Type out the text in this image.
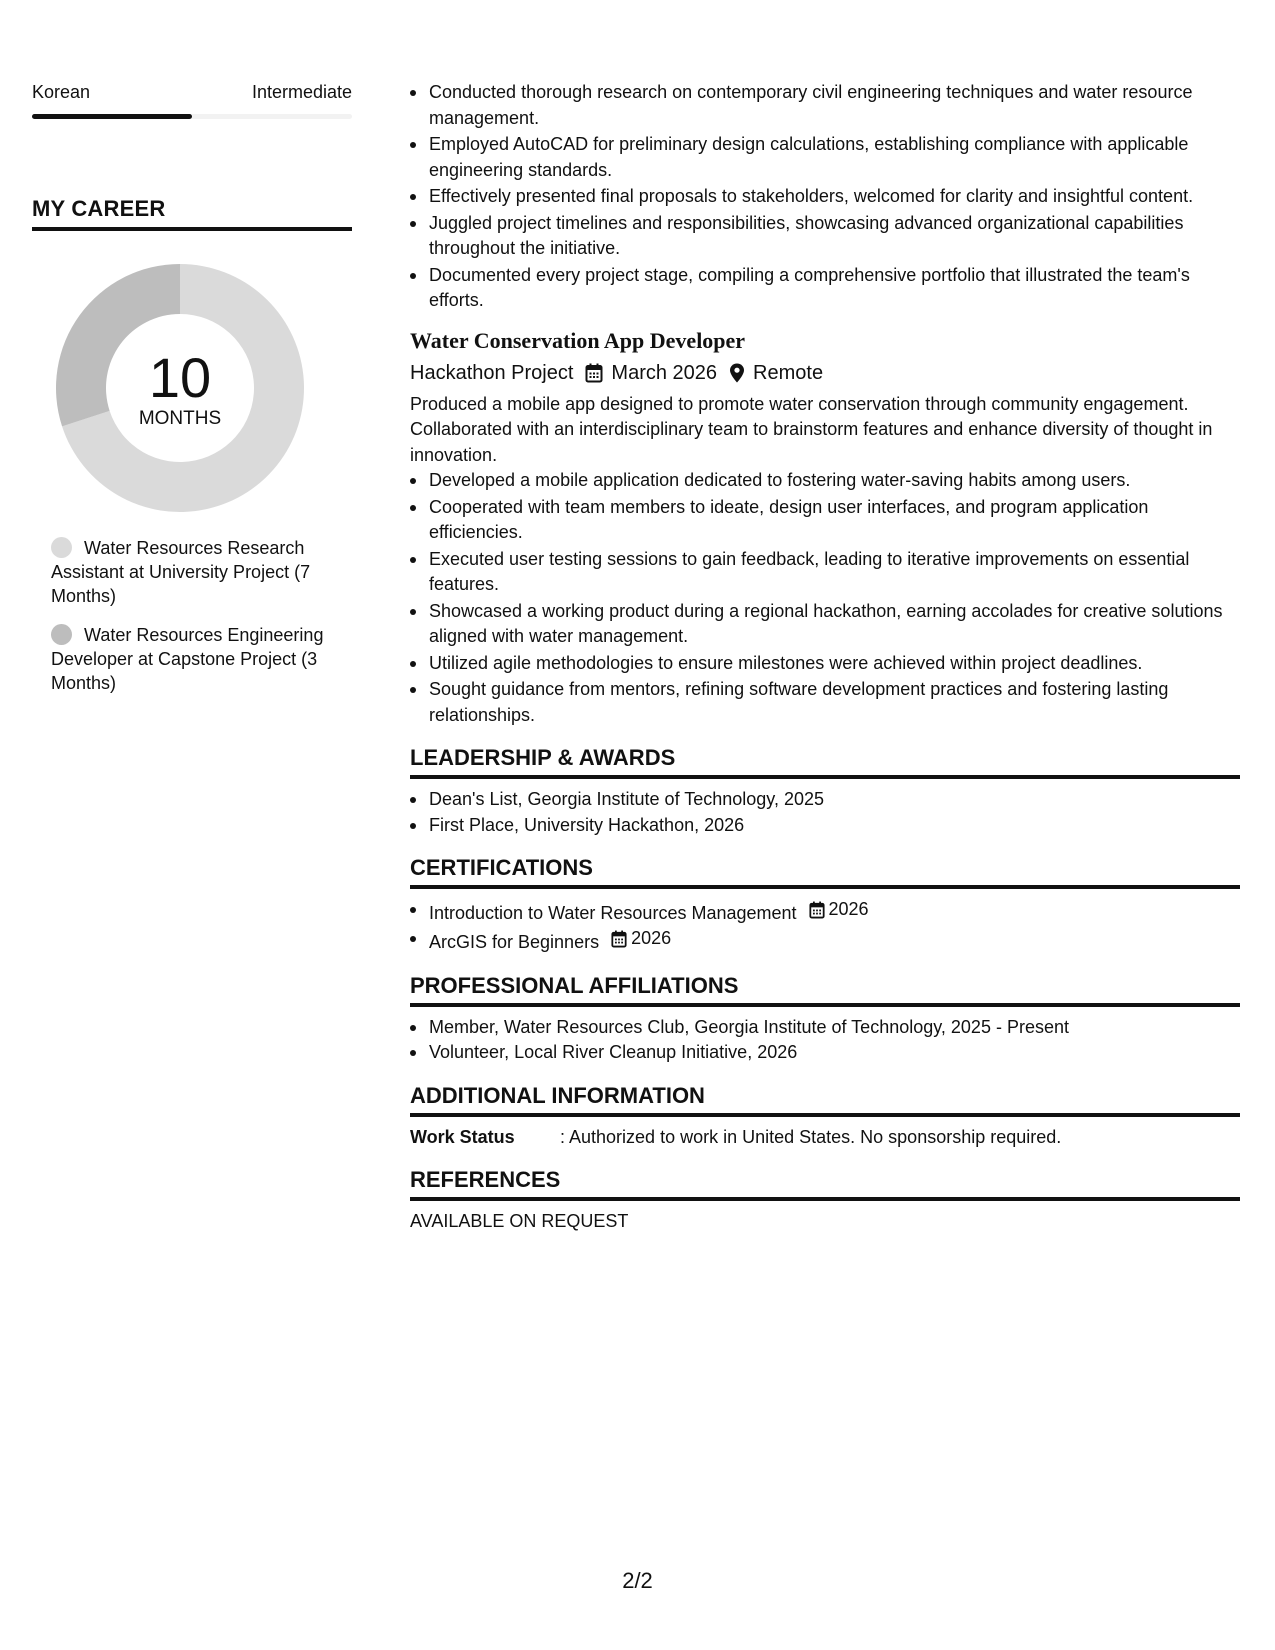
Korean	Intermediate
MY CAREER
10
MONTHS
Water Resources Research Assistant at University Project (7 Months)
Water Resources Engineering Developer at Capstone Project (3 Months)
Conducted thorough research on contemporary civil engineering techniques and water resource management.
Employed AutoCAD for preliminary design calculations, establishing compliance with applicable engineering standards.
Effectively presented final proposals to stakeholders, welcomed for clarity and insightful content.
Juggled project timelines and responsibilities, showcasing advanced organizational capabilities throughout the initiative.
Documented every project stage, compiling a comprehensive portfolio that illustrated the team's efforts.
Water Conservation App Developer
Hackathon Project March 2026 Remote
Produced a mobile app designed to promote water conservation through community engagement. Collaborated with an interdisciplinary team to brainstorm features and enhance diversity of thought in innovation.
Developed a mobile application dedicated to fostering water-saving habits among users.
Cooperated with team members to ideate, design user interfaces, and program application efficiencies.
Executed user testing sessions to gain feedback, leading to iterative improvements on essential features.
Showcased a working product during a regional hackathon, earning accolades for creative solutions aligned with water management.
Utilized agile methodologies to ensure milestones were achieved within project deadlines.
Sought guidance from mentors, refining software development practices and fostering lasting relationships.
LEADERSHIP & AWARDS
Dean's List, Georgia Institute of Technology, 2025
First Place, University Hackathon, 2026
CERTIFICATIONS
Introduction to Water Resources Management 2026
ArcGIS for Beginners 2026
PROFESSIONAL AFFILIATIONS
Member, Water Resources Club, Georgia Institute of Technology, 2025 - Present
Volunteer, Local River Cleanup Initiative, 2026
ADDITIONAL INFORMATION
Work Status	: Authorized to work in United States. No sponsorship required.
REFERENCES
AVAILABLE ON REQUEST
2/2
